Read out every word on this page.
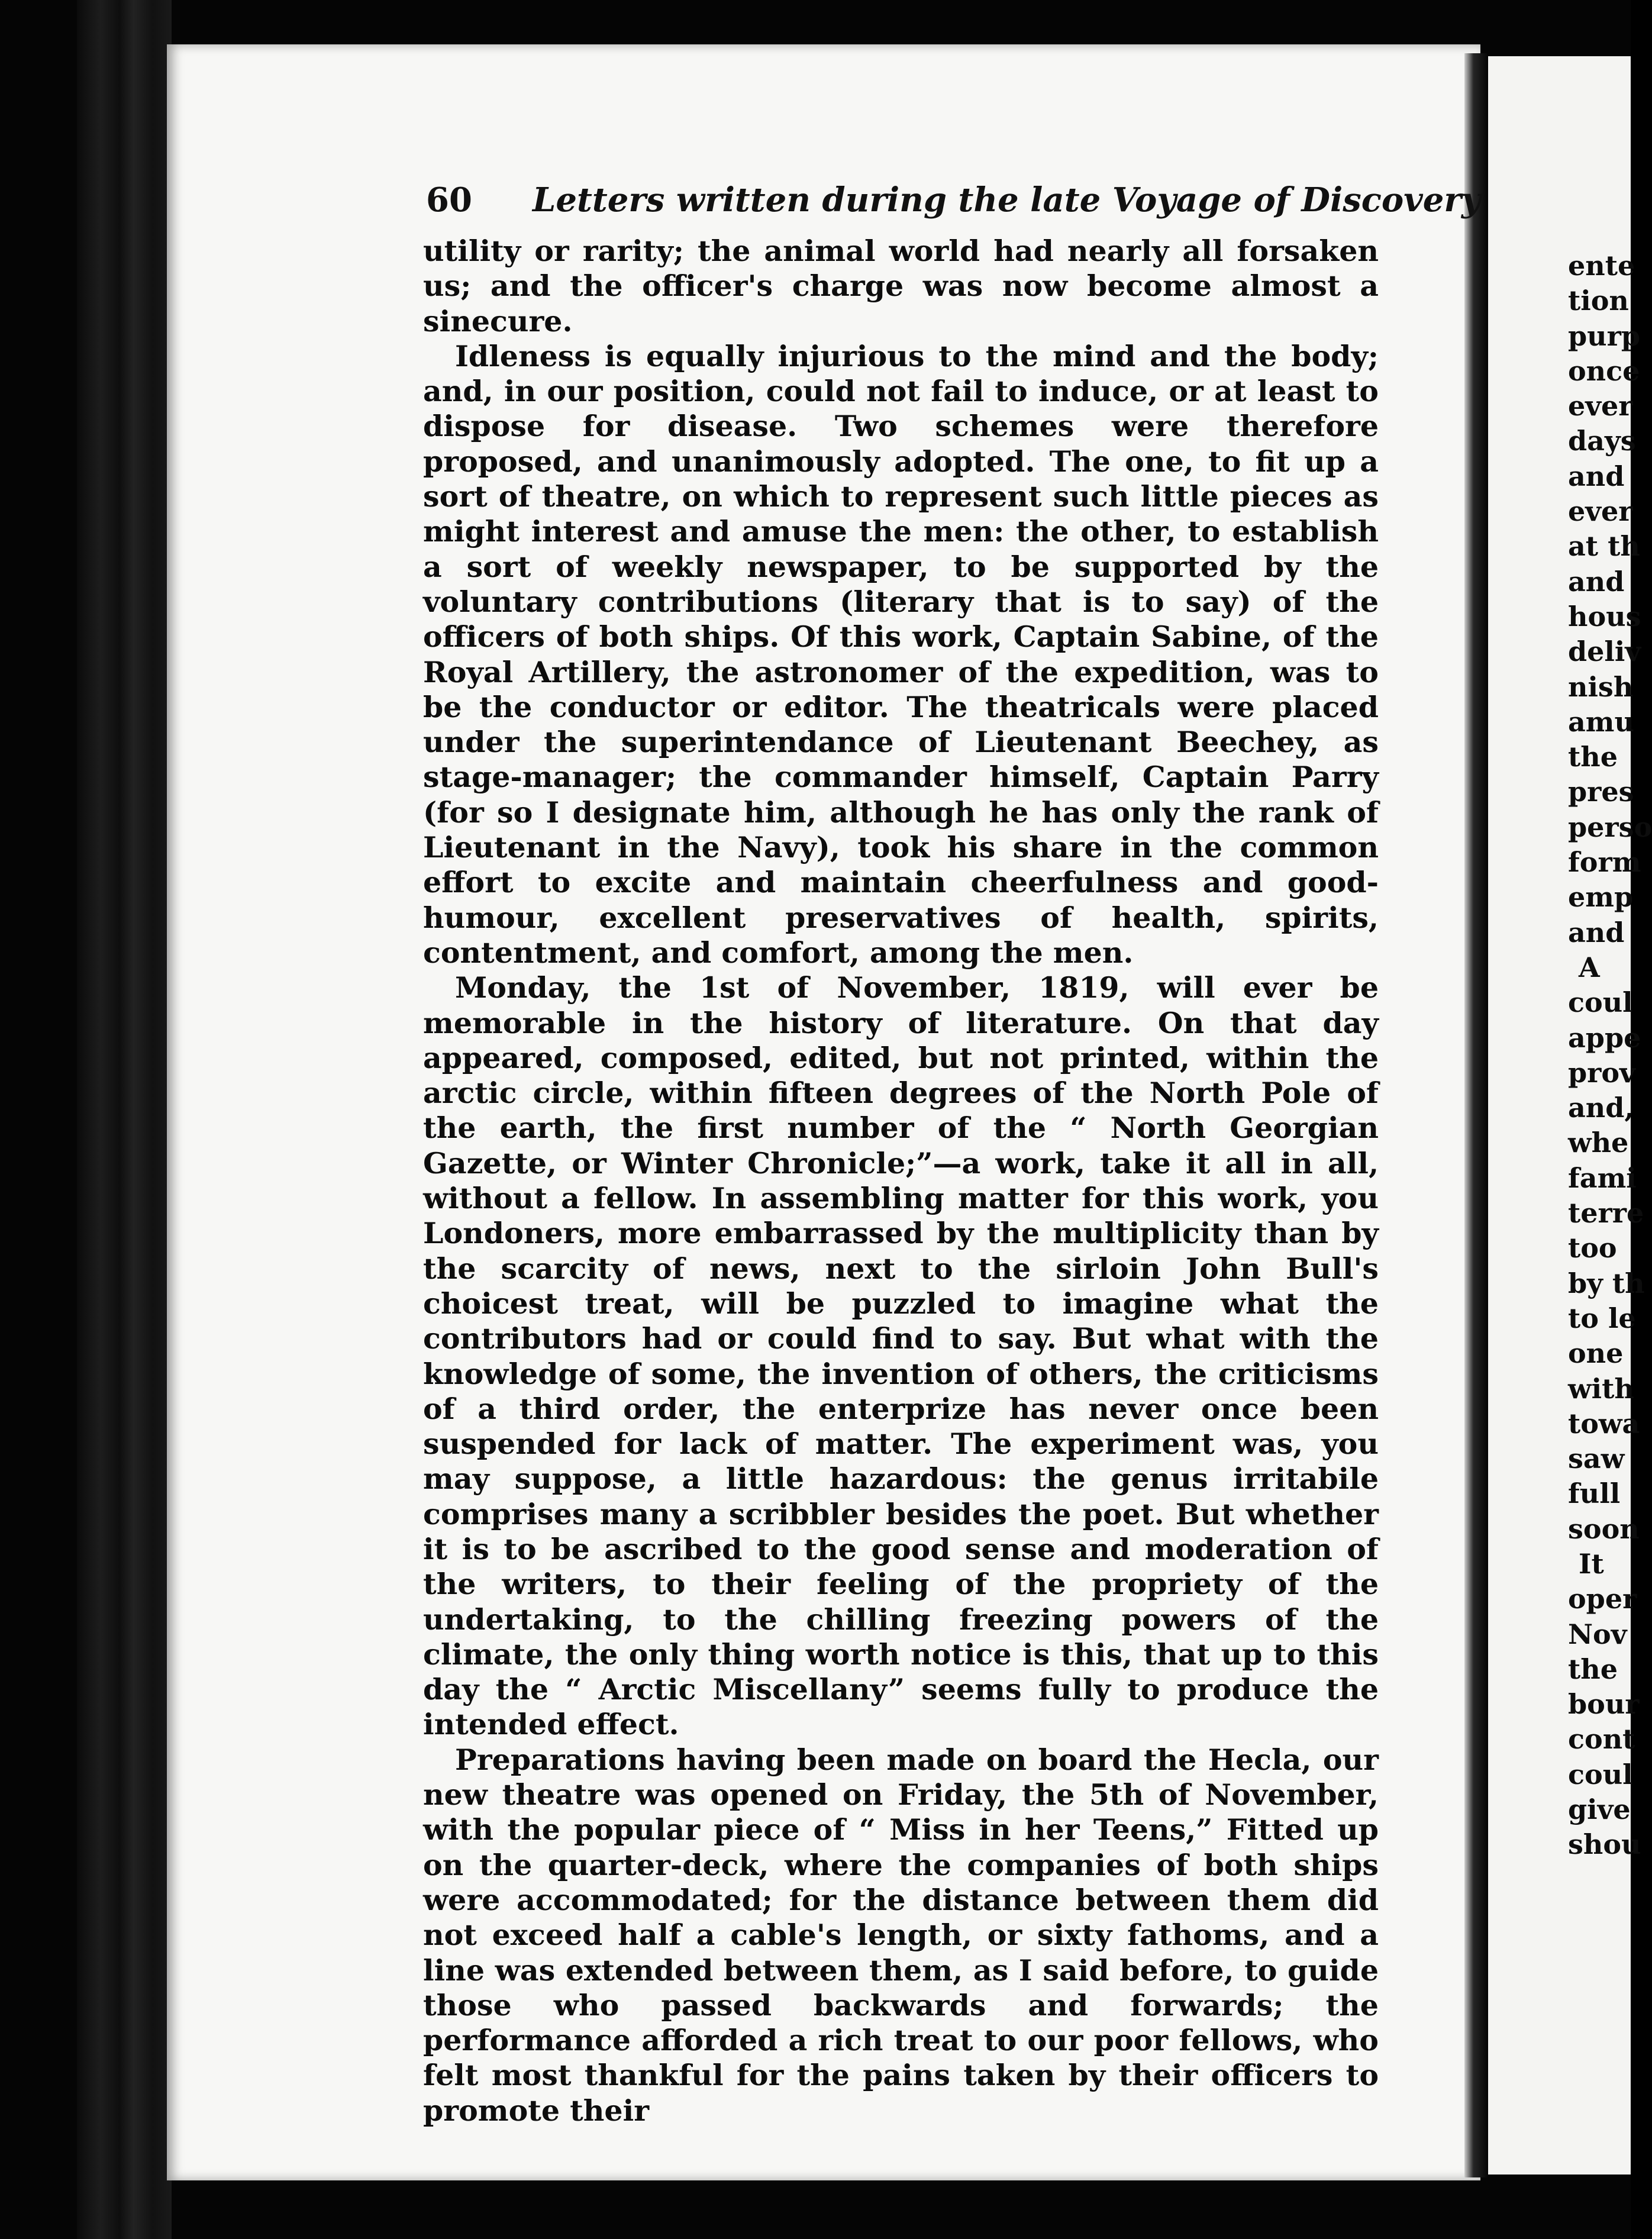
60 Letters written during the late Voyage of Discovery

utility or rarity; the animal world had nearly all forsaken us; and the officer's charge was now become almost a sinecure.

Idleness is equally injurious to the mind and the body; and, in our position, could not fail to induce, or at least to dispose for disease. Two schemes were therefore proposed, and unanimously adopted. The one, to fit up a sort of theatre, on which to represent such little pieces as might interest and amuse the men: the other, to establish a sort of weekly newspaper, to be supported by the voluntary contributions (literary that is to say) of the officers of both ships. Of this work, Captain Sabine, of the Royal Artillery, the astronomer of the expedition, was to be the conductor or editor. The theatricals were placed under the superintendance of Lieutenant Beechey, as stage-manager; the commander himself, Captain Parry (for so I designate him, although he has only the rank of Lieutenant in the Navy), took his share in the common effort to excite and maintain cheerfulness and good-humour, excellent preservatives of health, spirits, contentment, and comfort, among the men.

Monday, the 1st of November, 1819, will ever be memorable in the history of literature. On that day appeared, composed, edited, but not printed, within the arctic circle, within fifteen degrees of the North Pole of the earth, the first number of the “ North Georgian Gazette, or Winter Chronicle;”—a work, take it all in all, without a fellow. In assembling matter for this work, you Londoners, more embarrassed by the multiplicity than by the scarcity of news, next to the sirloin John Bull's choicest treat, will be puzzled to imagine what the contributors had or could find to say. But what with the knowledge of some, the invention of others, the criticisms of a third order, the enterprize has never once been suspended for lack of matter. The experiment was, you may suppose, a little hazardous: the genus irritabile comprises many a scribbler besides the poet. But whether it is to be ascribed to the good sense and moderation of the writers, to their feeling of the propriety of the undertaking, to the chilling freezing powers of the climate, the only thing worth notice is this, that up to this day the “ Arctic Miscellany” seems fully to produce the intended effect.

Preparations having been made on board the Hecla, our new theatre was opened on Friday, the 5th of November, with the popular piece of “ Miss in her Teens,” Fitted up on the quarter-deck, where the companies of both ships were accommodated; for the distance between them did not exceed half a cable's length, or sixty fathoms, and a line was extended between them, as I said before, to guide those who passed backwards and forwards; the performance afforded a rich treat to our poor fellows, who felt most thankful for the pains taken by their officers to promote their

ente
tion
purp
once
ever
days
and
ever
at th
and
hous
deliv
nish
amu
the
pres
perso
form
emp
and
A
coul
appe
prov
and,
whe
fami
terre
too
by th
to le
one
with
towa
saw
full
soon
It
oper
Nov
the
bour
cont
coul
give
shou
